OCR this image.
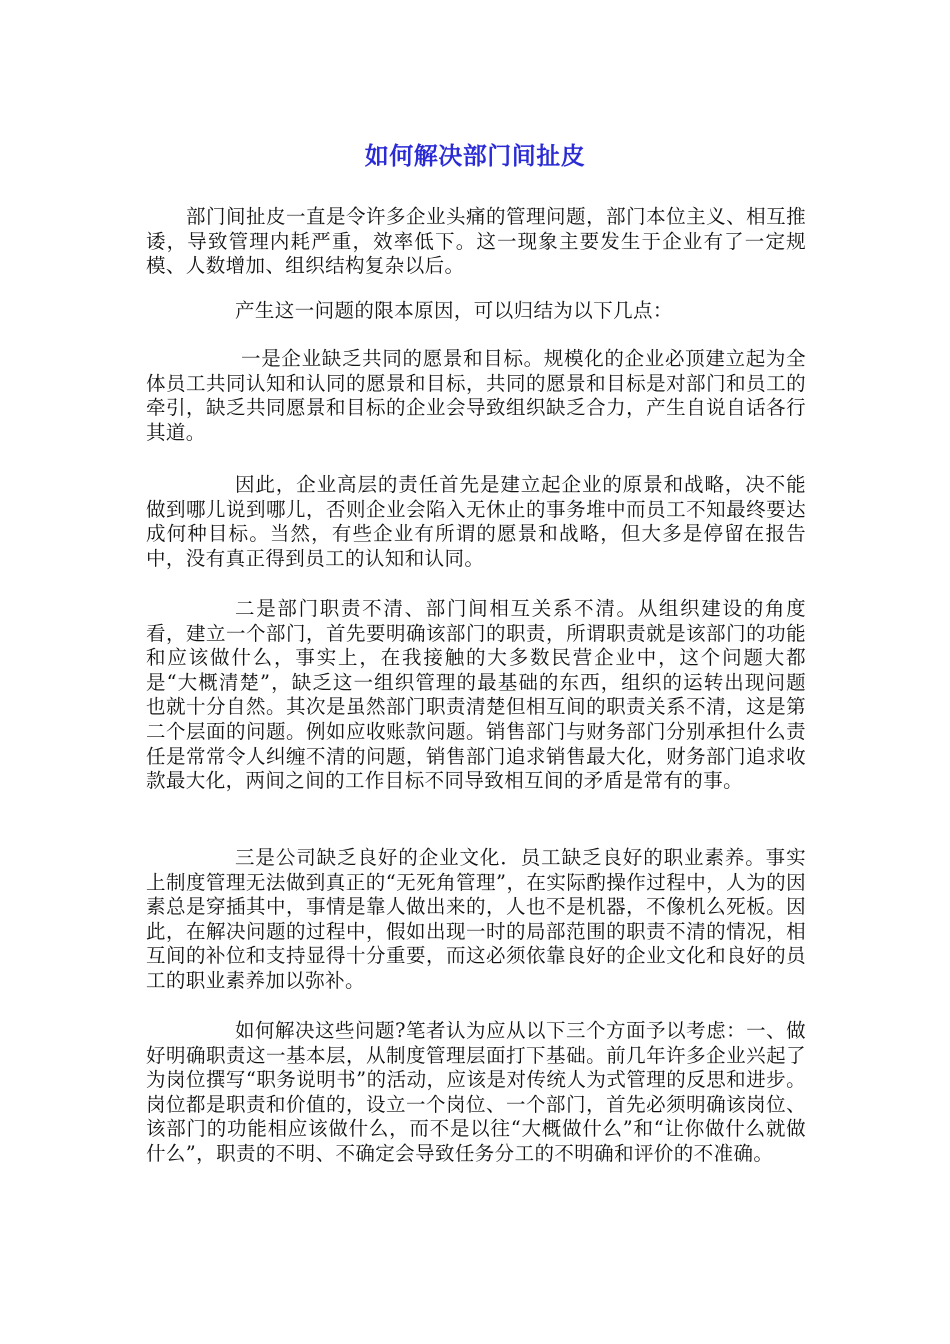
如何解决部门间扯皮

部门间扯皮一直是令许多企业头痛的管理问题，部门本位主义、相互推诿，导致管理内耗严重，效率低下。这一现象主要发生于企业有了一定规模、人数增加、组织结构复杂以后。

产生这一问题的限本原因，可以归结为以下几点：

一是企业缺乏共同的愿景和目标。规模化的企业必顶建立起为全体员工共同认知和认同的愿景和目标，共同的愿景和目标是对部门和员工的牵引，缺乏共同愿景和目标的企业会导致组织缺乏合力，产生自说自话各行其道。

因此，企业高层的责任首先是建立起企业的原景和战略，决不能做到哪儿说到哪儿，否则企业会陷入无休止的事务堆中而员工不知最终要达成何种目标。当然，有些企业有所谓的愿景和战略，但大多是停留在报告中，没有真正得到员工的认知和认同。

二是部门职责不清、部门间相互关系不清。从组织建设的角度看，建立一个部门，首先要明确该部门的职责，所谓职责就是该部门的功能和应该做什么，事实上，在我接触的大多数民营企业中，这个问题大都是“大概清楚”，缺乏这一组织管理的最基础的东西，组织的运转出现问题 也就十分自然。其次是虽然部门职责清楚但相互间的职责关系不清，这是第二个层面的问题。例如应收账款问题。销售部门与财务部门分别承担什么责任是常常令人纠缠不清的问题，销售部门追求销售最大化，财务部门追求收款最大化，两间之间的工作目标不同导致相互间的矛盾是常有的事。

三是公司缺乏良好的企业文化．员工缺乏良好的职业素养。事实上制度管理无法做到真正的“无死角管理”，在实际酌操作过程中，人为的因素总是穿插其中，事情是靠人做出来的，人也不是机器，不像机么死板。因此，在解决问题的过程中，假如出现一时的局部范围的职责不清的情况，相互间的补位和支持显得十分重要，而这必须依靠良好的企业文化和良好的员工的职业素养加以弥补。

如何解决这些问题?笔者认为应从以下三个方面予以考虑：一、做好明确职责这一基本层，从制度管理层面打下基础。前几年许多企业兴起了为岗位撰写“职务说明书”的活动，应该是对传统人为式管理的反思和进步。岗位都是职责和价值的，设立一个岗位、一个部门，首先必须明确该岗位、该部门的功能相应该做什么，而不是以往“大概做什么”和“让你做什么就做什么”，职责的不明、不确定会导致任务分工的不明确和评价的不准确。
